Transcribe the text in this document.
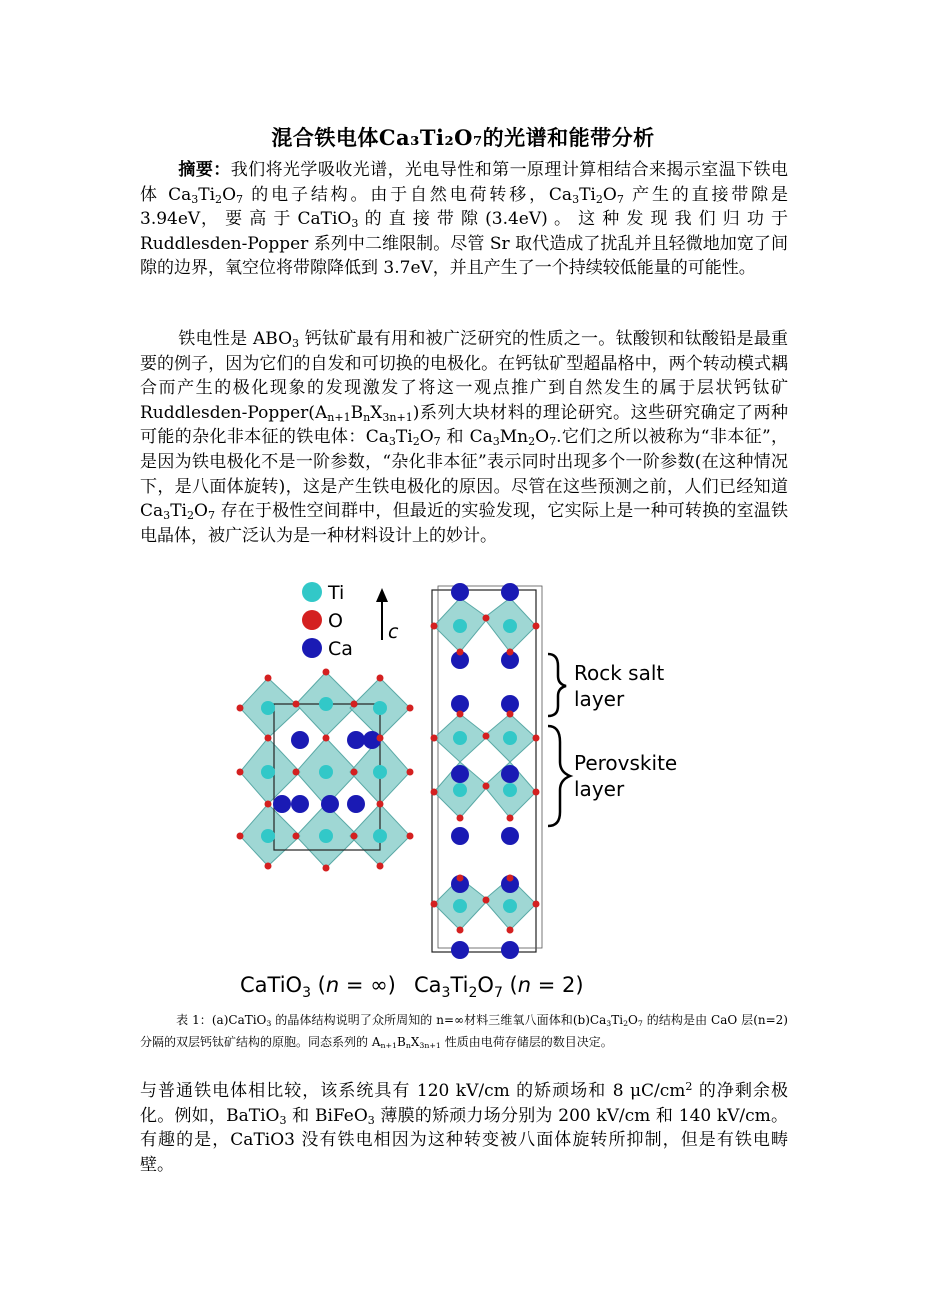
混合铁电体Ca₃Ti₂O₇的光谱和能带分析

摘要：我们将光学吸收光谱，光电导性和第一原理计算相结合来揭示室温下铁电体 $Ca_3Ti_2O_7$ 的电子结构。由于自然电荷转移，$Ca_3Ti_2O_7$ 产生的直接带隙是 3.94eV， 要 高 于 CaTiO$_3$ 的 直 接 带 隙 (3.4eV) 。 这 种 发 现 我 们 归 功 于 Ruddlesden-Popper 系列中二维限制。尽管 Sr 取代造成了扰乱并且轻微地加宽了间隙的边界，氧空位将带隙降低到 3.7eV，并且产生了一个持续较低能量的可能性。

铁电性是 $ABO_3$ 钙钛矿最有用和被广泛研究的性质之一。钛酸钡和钛酸铅是最重要的例子，因为它们的自发和可切换的电极化。在钙钛矿型超晶格中，两个转动模式耦合而产生的极化现象的发现激发了将这一观点推广到自然发生的属于层状钙钛矿 Ruddlesden-$Popper(A_{n+1}B_nX_{3n+1})$系列大块材料的理论研究。这些研究确定了两种可能的杂化非本征的铁电体：$Ca_3Ti_2O_7$ 和 $Ca_3Mn_2O_7$.它们之所以被称为“非本征”，是因为铁电极化不是一阶参数，“杂化非本征”表示同时出现多个一阶参数(在这种情况下，是八面体旋转)，这是产生铁电极化的原因。尽管在这些预测之前，人们已经知道 $Ca_3Ti_2O_7$ 存在于极性空间群中，但最近的实验发现，它实际上是一种可转换的室温铁电晶体，被广泛认为是一种材料设计上的妙计。

Ti
O
Ca
c
Rock salt
layer
Perovskite
layer
CaTiO$_3$ (n = ∞) $Ca_3Ti_2O_7$ (n = 2)

表 1：(a)CaTiO$_3$ 的晶体结构说明了众所周知的 n=∞材料三维氧八面体和$(b)Ca_3Ti_2O_7$ 的结构是由 CaO 层(n=2)分隔的双层钙钛矿结构的原胞。同态系列的 $A_{n+1}B_nX_{3n+1}$ 性质由电荷存储层的数目决定。

与普通铁电体相比较，该系统具有 120 kV/cm 的矫顽场和 8 $\mu C/cm^2$ 的净剩余极化。例如，BaTiO$_3$ 和 BiFeO$_3$ 薄膜的矫顽力场分别为 200 kV/cm 和 140 kV/cm。有趣的是，CaTiO3 没有铁电相因为这种转变被八面体旋转所抑制，但是有铁电畴壁。
